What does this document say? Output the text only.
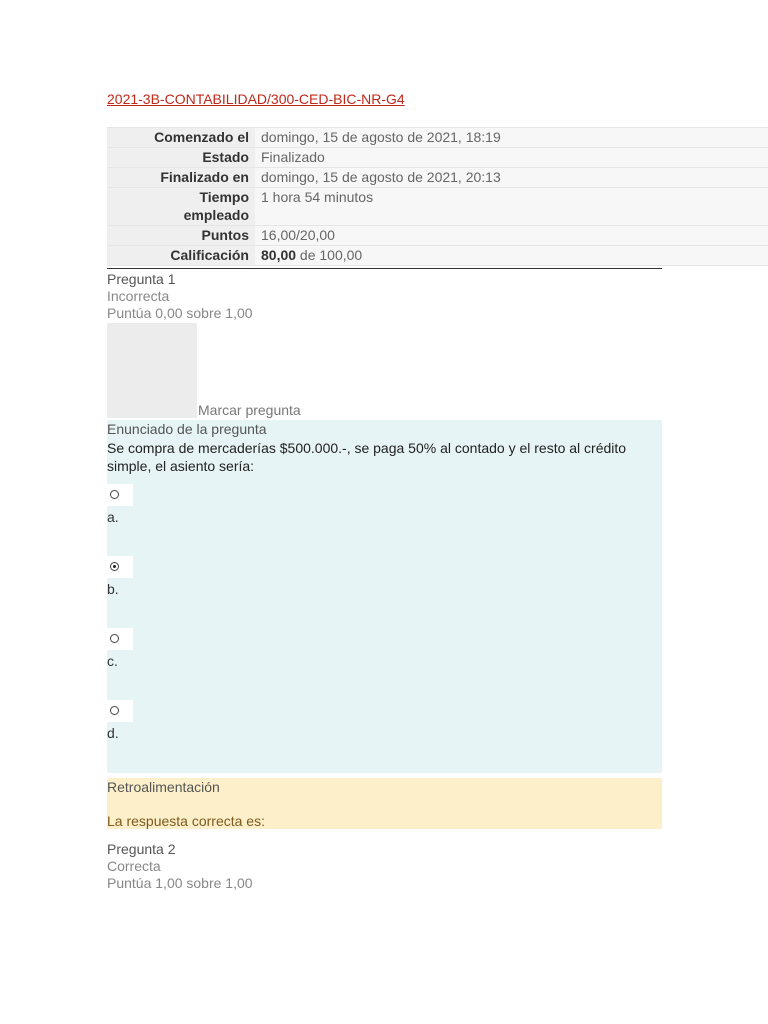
2021-3B-CONTABILIDAD/300-CED-BIC-NR-G4
Comenzado el	domingo, 15 de agosto de 2021, 18:19
Estado	Finalizado
Finalizado en	domingo, 15 de agosto de 2021, 20:13
Tiempo
empleado	1 hora 54 minutos
Puntos	16,00/20,00
Calificación	80,00 de 100,00
Pregunta 1
Incorrecta
Puntúa 0,00 sobre 1,00
Marcar pregunta
Enunciado de la pregunta
Se compra de mercaderías $500.000.-, se paga 50% al contado y el resto al crédito simple, el asiento sería:
a.
b.
c.
d.
Retroalimentación
La respuesta correcta es:
Pregunta 2
Correcta
Puntúa 1,00 sobre 1,00
